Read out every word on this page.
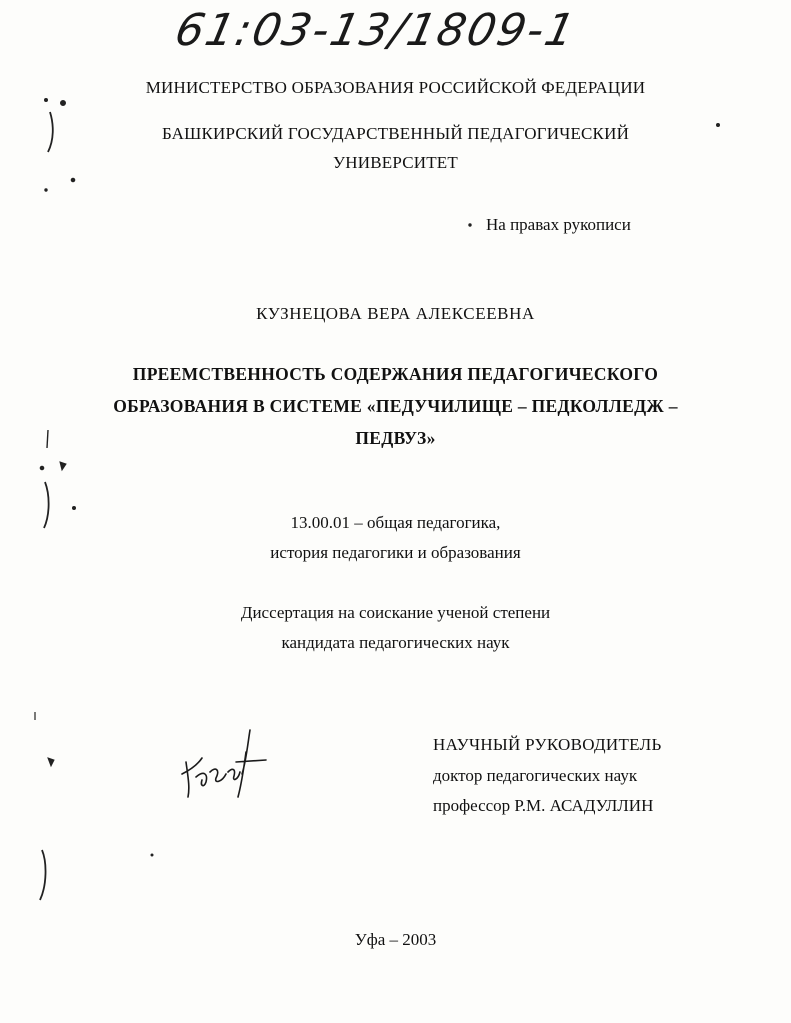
61:03-13/1809-1
МИНИСТЕРСТВО ОБРАЗОВАНИЯ РОССИЙСКОЙ ФЕДЕРАЦИИ
БАШКИРСКИЙ ГОСУДАРСТВЕННЫЙ ПЕДАГОГИЧЕСКИЙ
УНИВЕРСИТЕТ
На правах рукописи
КУЗНЕЦОВА ВЕРА АЛЕКСЕЕВНА
ПРЕЕМСТВЕННОСТЬ СОДЕРЖАНИЯ ПЕДАГОГИЧЕСКОГО
ОБРАЗОВАНИЯ В СИСТЕМЕ «ПЕДУЧИЛИЩЕ – ПЕДКОЛЛЕДЖ –
ПЕДВУЗ»
13.00.01 – общая педагогика,
история педагогики и образования
Диссертация на соискание ученой степени
кандидата педагогических наук
НАУЧНЫЙ РУКОВОДИТЕЛЬ
доктор педагогических наук
профессор Р.М. АСАДУЛЛИН
Уфа – 2003
